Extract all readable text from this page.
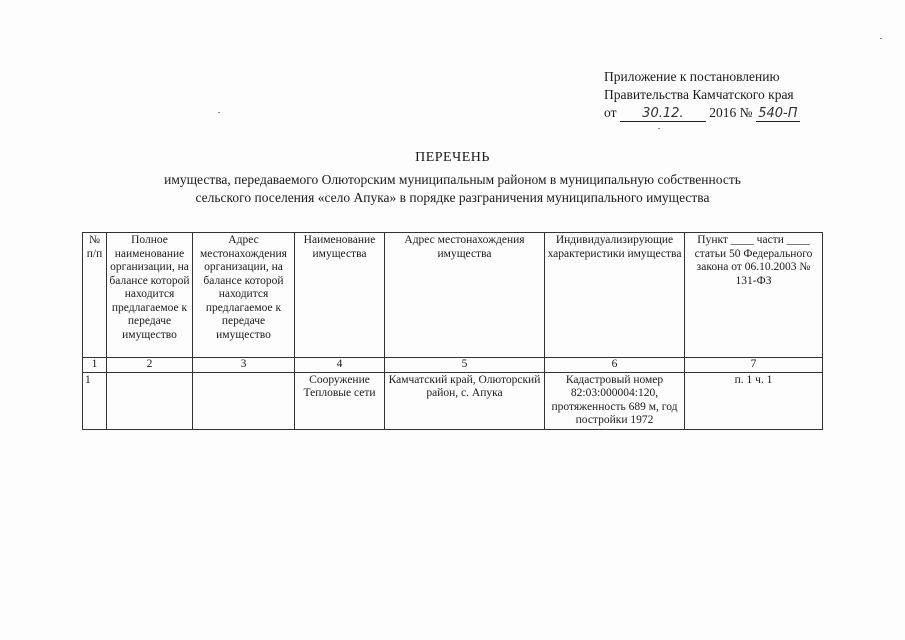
Приложение к постановлению
Правительства Камчатского края
от 30.12. 2016 № 540-П
ПЕРЕЧЕНЬ
имущества, передаваемого Олюторским муниципальным районом в муниципальную собственность
сельского поселения «село Апука» в порядке разграничения муниципального имущества
№ п/п	Полное наименование организации, на балансе которой находится предлагаемое к передаче имущество	Адрес местонахождения организации, на балансе которой находится предлагаемое к передаче имущество	Наименование имущества	Адрес местонахождения имущества	Индивидуализирующие характеристики имущества	Пункт ____ части ____ статьи 50 Федерального закона от 06.10.2003 № 131-ФЗ
1	2	3	4	5	6	7
1			Сооружение Тепловые сети	Камчатский край, Олюторский район, с. Апука	Кадастровый номер 82:03:000004:120, протяженность 689 м, год постройки 1972	п. 1 ч. 1
